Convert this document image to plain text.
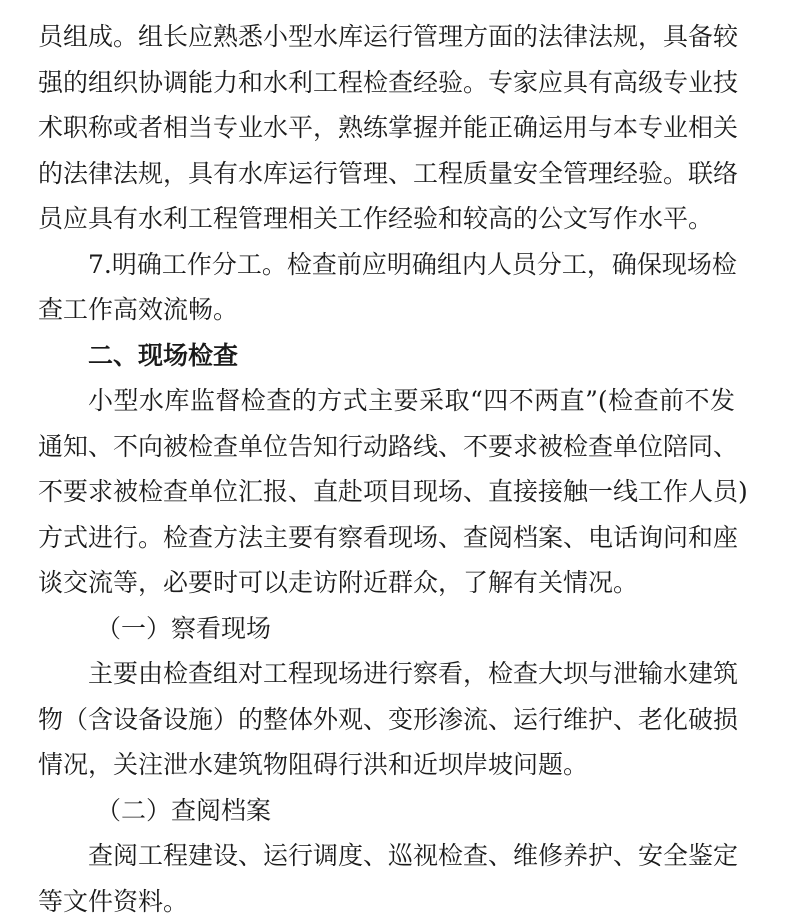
员组成。组长应熟悉小型水库运行管理方面的法律法规，具备较
强的组织协调能力和水利工程检查经验。专家应具有高级专业技
术职称或者相当专业水平，熟练掌握并能正确运用与本专业相关
的法律法规，具有水库运行管理、工程质量安全管理经验。联络
员应具有水利工程管理相关工作经验和较高的公文写作水平。
7.明确工作分工。检查前应明确组内人员分工，确保现场检
查工作高效流畅。
二、现场检查
小型水库监督检查的方式主要采取“四不两直”(检查前不发
通知、不向被检查单位告知行动路线、不要求被检查单位陪同、
不要求被检查单位汇报、直赴项目现场、直接接触一线工作人员)
方式进行。检查方法主要有察看现场、查阅档案、电话询问和座
谈交流等，必要时可以走访附近群众，了解有关情况。
（一）察看现场
主要由检查组对工程现场进行察看，检查大坝与泄输水建筑
物（含设备设施）的整体外观、变形渗流、运行维护、老化破损
情况，关注泄水建筑物阻碍行洪和近坝岸坡问题。
（二）查阅档案
查阅工程建设、运行调度、巡视检查、维修养护、安全鉴定
等文件资料。
